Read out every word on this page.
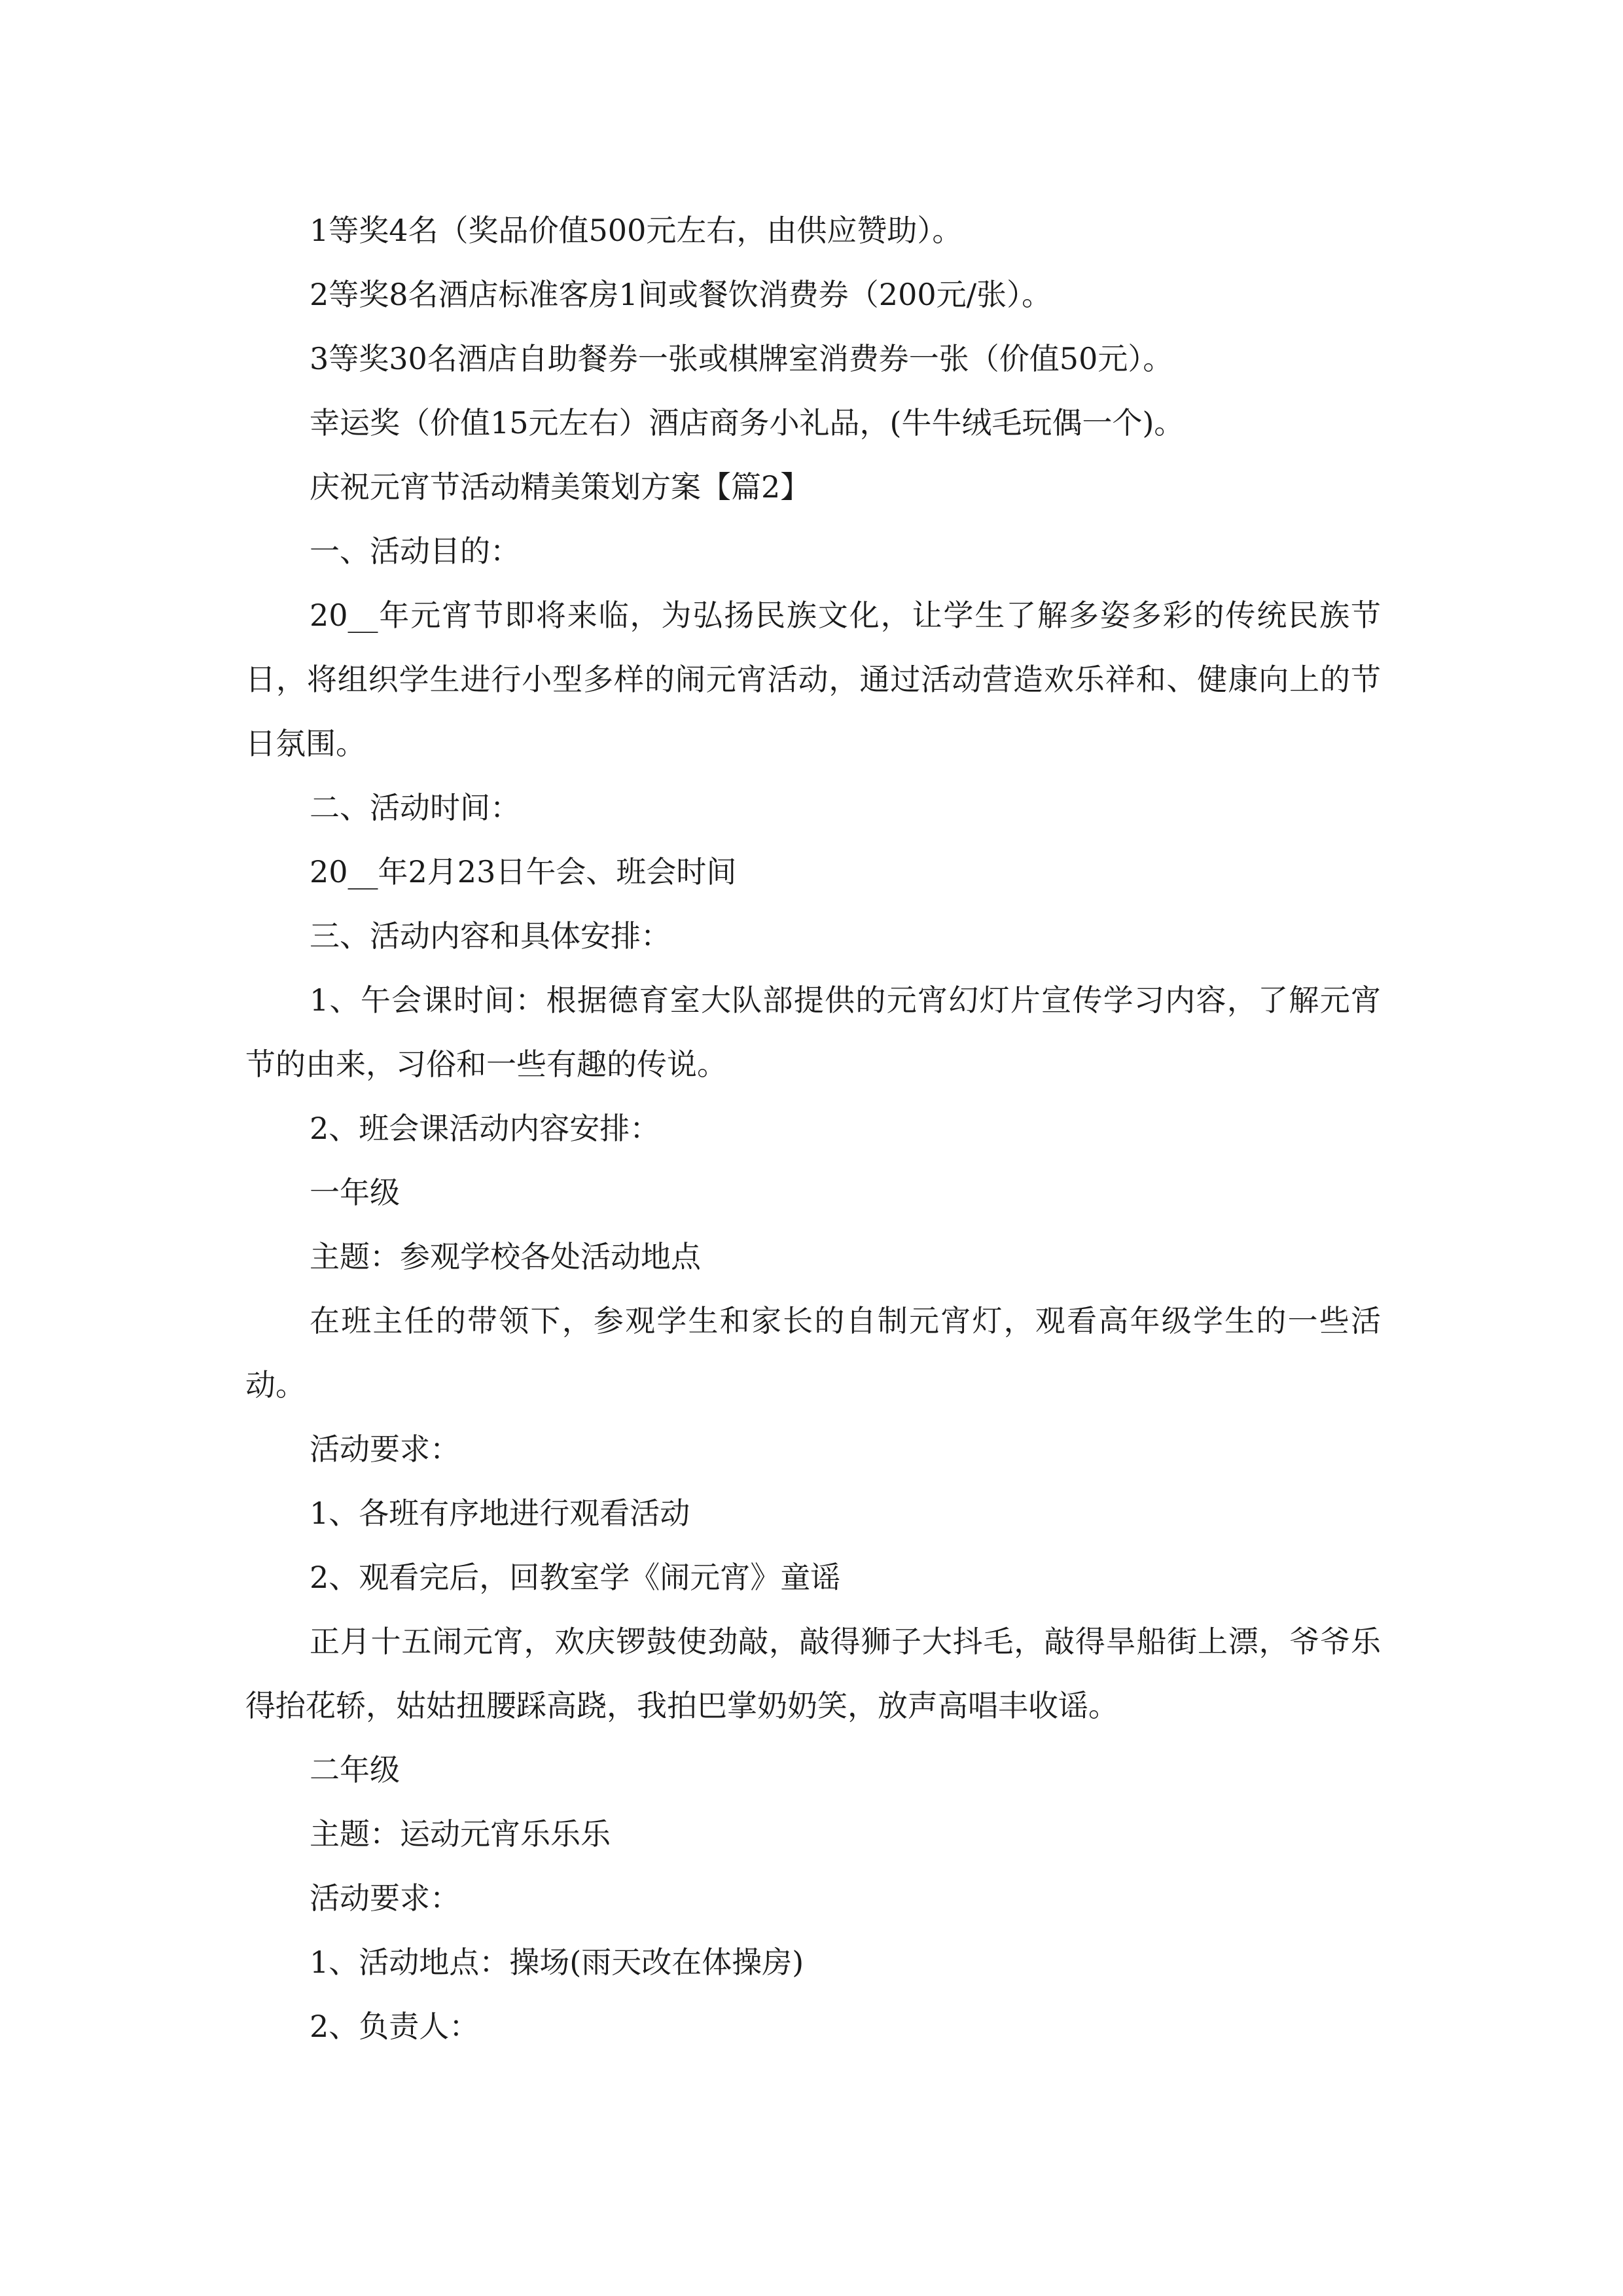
1等奖4名（奖品价值500元左右，由供应赞助）。

2等奖8名酒店标准客房1间或餐饮消费券（200元/张）。

3等奖30名酒店自助餐券一张或棋牌室消费券一张（价值50元）。

幸运奖（价值15元左右）酒店商务小礼品，(牛牛绒毛玩偶一个)。

庆祝元宵节活动精美策划方案【篇2】

一、活动目的：

20__年元宵节即将来临，为弘扬民族文化，让学生了解多姿多彩的传统民族节日，将组织学生进行小型多样的闹元宵活动，通过活动营造欢乐祥和、健康向上的节日氛围。

二、活动时间：

20__年2月23日午会、班会时间

三、活动内容和具体安排：

1、午会课时间：根据德育室大队部提供的元宵幻灯片宣传学习内容，了解元宵节的由来，习俗和一些有趣的传说。

2、班会课活动内容安排：

一年级

主题：参观学校各处活动地点

在班主任的带领下，参观学生和家长的自制元宵灯，观看高年级学生的一些活动。

活动要求：

1、各班有序地进行观看活动

2、观看完后，回教室学《闹元宵》童谣

正月十五闹元宵，欢庆锣鼓使劲敲，敲得狮子大抖毛，敲得旱船街上漂，爷爷乐得抬花轿，姑姑扭腰踩高跷，我拍巴掌奶奶笑，放声高唱丰收谣。

二年级

主题：运动元宵乐乐乐

活动要求：

1、活动地点：操场(雨天改在体操房)

2、负责人：
